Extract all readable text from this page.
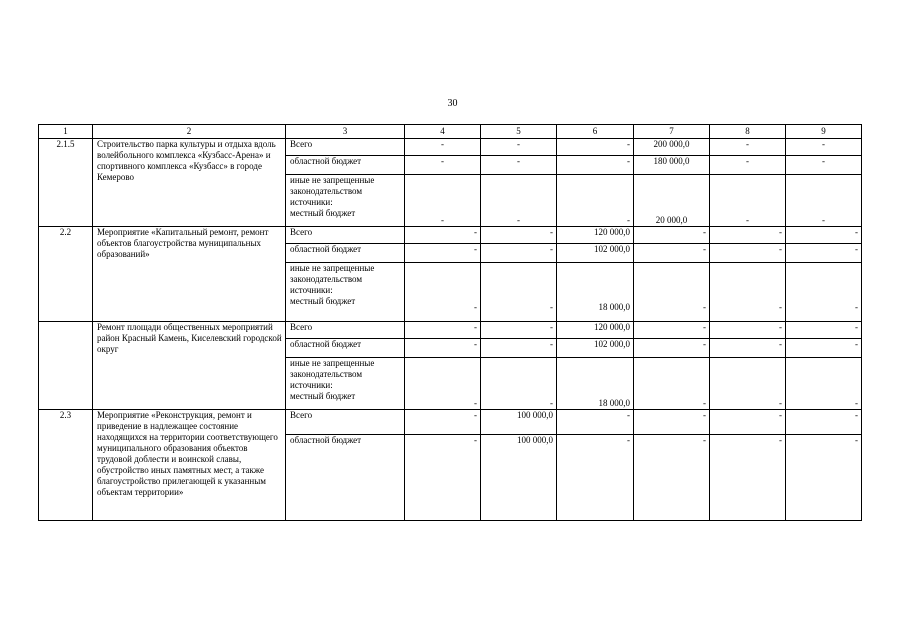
30
1	2	3	4	5	6	7	8	9
2.1.5	Строительство парка культуры и отдыха вдоль волейбольного комплекса «Кузбасс-Арена» и спортивного комплекса «Кузбасс» в городе Кемерово	Всего	-	-	-	200 000,0	-	-
		областной бюджет	-	-	-	180 000,0	-	-

		иные не запрещенные
законодательством
источники:
местный бюджет	-	-	-	20 000,0	-	-
2.2	Мероприятие «Капитальный ремонт, ремонт объектов благоустройства муниципальных образований»	Всего	-	-	120 000,0	-	-	-
		областной бюджет	-	-	102 000,0	-	-	-

		иные не запрещенные
законодательством
источники:
местный бюджет	-	-	18 000,0	-	-	-
	Ремонт площади общественных мероприятий район Красный Камень, Киселевский городской округ	Всего	-	-	120 000,0	-	-	-
		областной бюджет	-	-	102 000,0	-	-	-

		иные не запрещенные
законодательством
источники:
местный бюджет	-	-	18 000,0	-	-	-
2.3	Мероприятие «Реконструкция, ремонт и приведение в надлежащее состояние находящихся на территории соответствующего муниципального образования объектов трудовой доблести и воинской славы, обустройство иных памятных мест, а также благоустройство прилегающей к указанным объектам территории»	Всего	-	100 000,0	-	-	-	-
		областной бюджет	-	100 000,0	-	-	-	-
